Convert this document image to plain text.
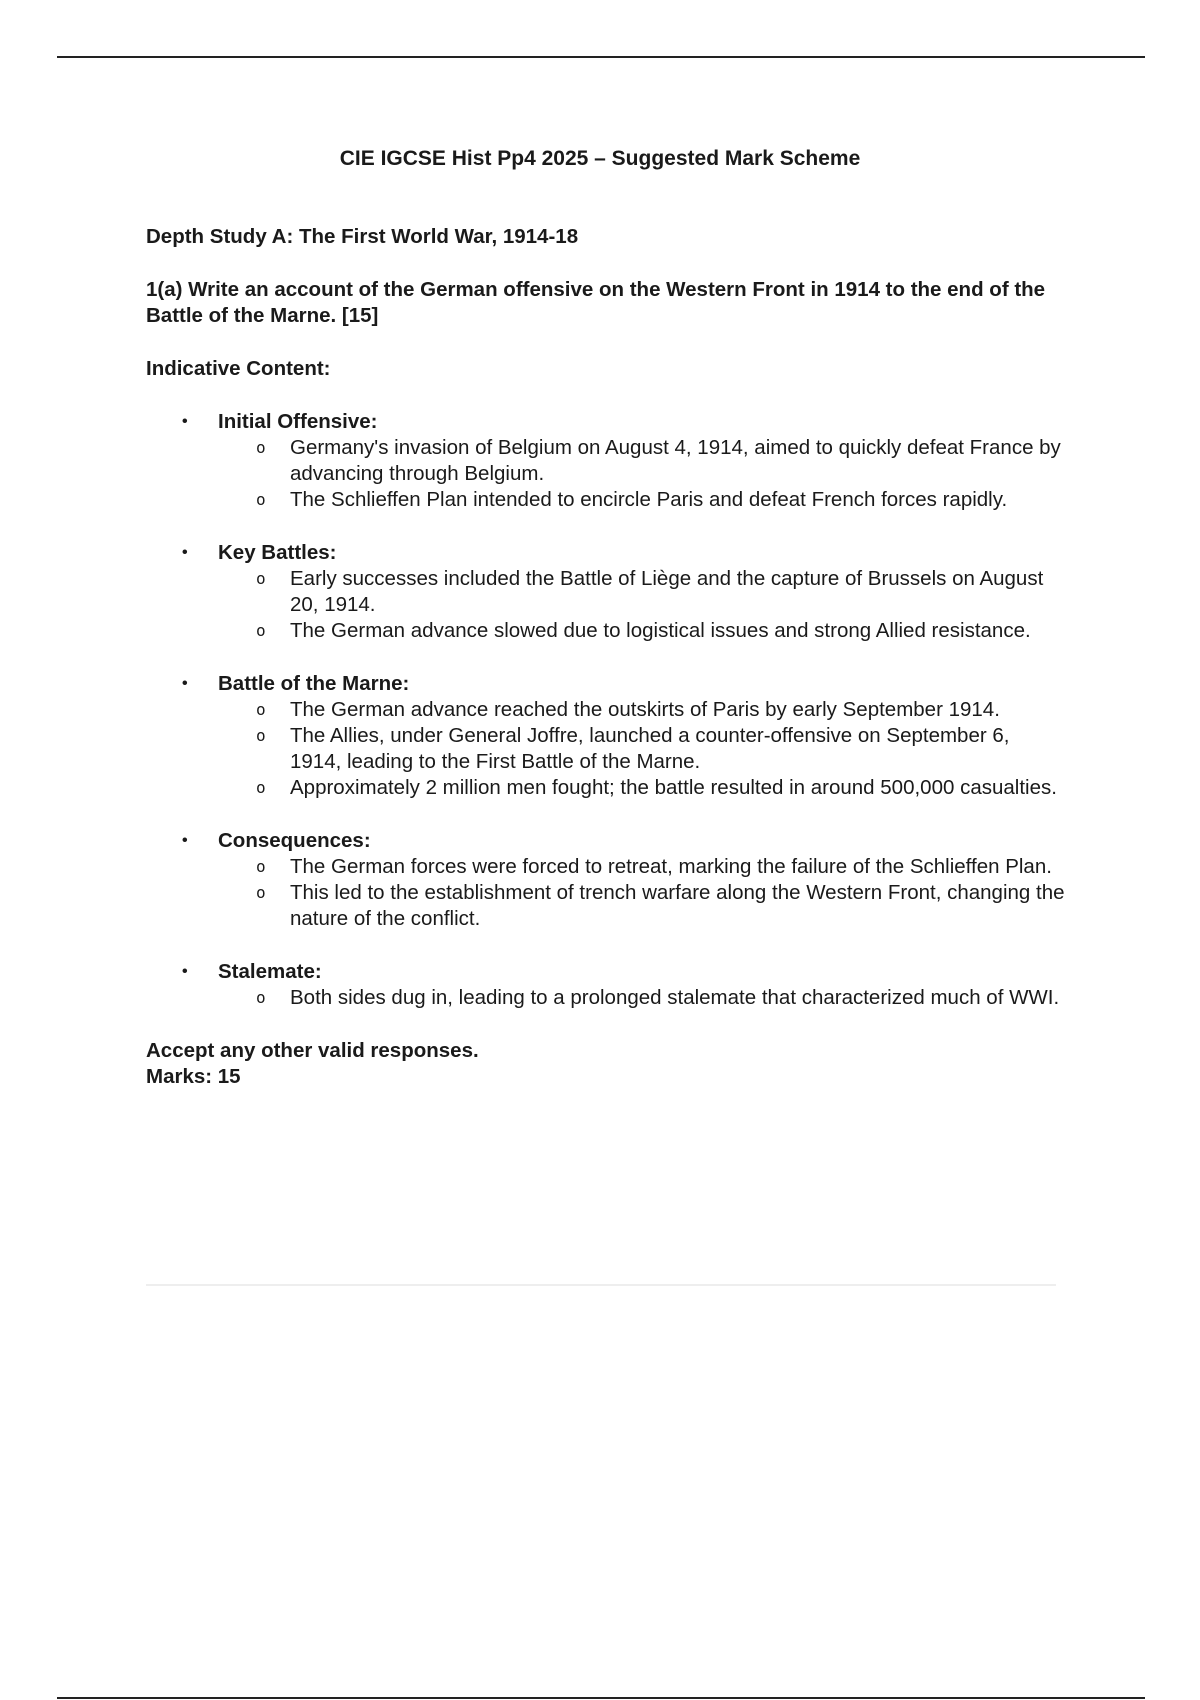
CIE IGCSE Hist Pp4 2025 – Suggested Mark Scheme

Depth Study A: The First World War, 1914-18

1(a) Write an account of the German offensive on the Western Front in 1914 to the end of the Battle of the Marne. [15]

Indicative Content:

• Initial Offensive:
o Germany's invasion of Belgium on August 4, 1914, aimed to quickly defeat France by advancing through Belgium.
o The Schlieffen Plan intended to encircle Paris and defeat French forces rapidly.
• Key Battles:
o Early successes included the Battle of Liège and the capture of Brussels on August 20, 1914.
o The German advance slowed due to logistical issues and strong Allied resistance.
• Battle of the Marne:
o The German advance reached the outskirts of Paris by early September 1914.
o The Allies, under General Joffre, launched a counter-offensive on September 6, 1914, leading to the First Battle of the Marne.
o Approximately 2 million men fought; the battle resulted in around 500,000 casualties.
• Consequences:
o The German forces were forced to retreat, marking the failure of the Schlieffen Plan.
o This led to the establishment of trench warfare along the Western Front, changing the nature of the conflict.
• Stalemate:
o Both sides dug in, leading to a prolonged stalemate that characterized much of WWI.

Accept any other valid responses.

Marks: 15
